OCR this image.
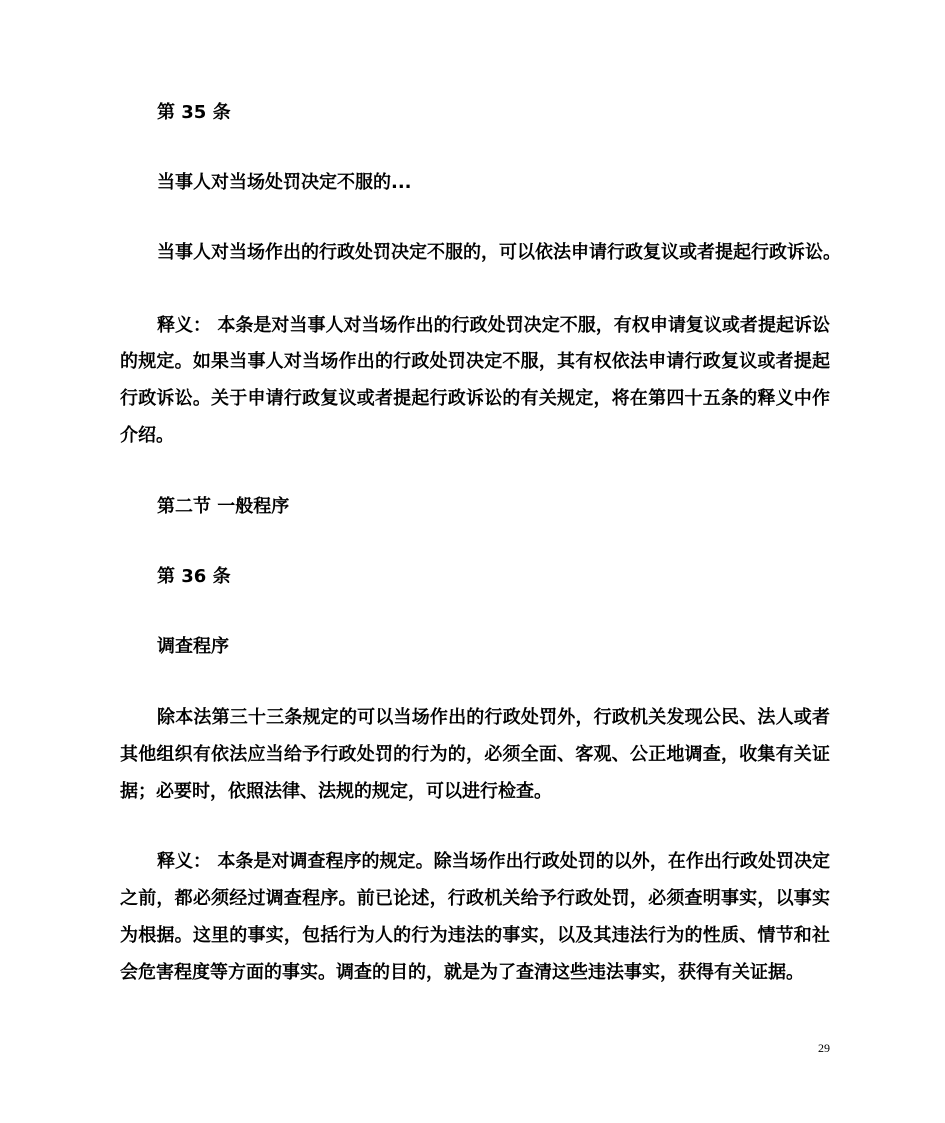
第 35 条
当事人对当场处罚决定不服的...
当事人对当场作出的行政处罚决定不服的，可以依法申请行政复议或者提起行政诉讼。
释义： 本条是对当事人对当场作出的行政处罚决定不服，有权申请复议或者提起诉讼
的规定。如果当事人对当场作出的行政处罚决定不服，其有权依法申请行政复议或者提起
行政诉讼。关于申请行政复议或者提起行政诉讼的有关规定，将在第四十五条的释义中作
介绍。
第二节 一般程序
第 36 条
调查程序
除本法第三十三条规定的可以当场作出的行政处罚外，行政机关发现公民、法人或者
其他组织有依法应当给予行政处罚的行为的，必须全面、客观、公正地调查，收集有关证
据；必要时，依照法律、法规的规定，可以进行检查。
释义： 本条是对调查程序的规定。除当场作出行政处罚的以外，在作出行政处罚决定
之前，都必须经过调查程序。前已论述，行政机关给予行政处罚，必须查明事实，以事实
为根据。这里的事实，包括行为人的行为违法的事实，以及其违法行为的性质、情节和社
会危害程度等方面的事实。调查的目的，就是为了查清这些违法事实，获得有关证据。
29
